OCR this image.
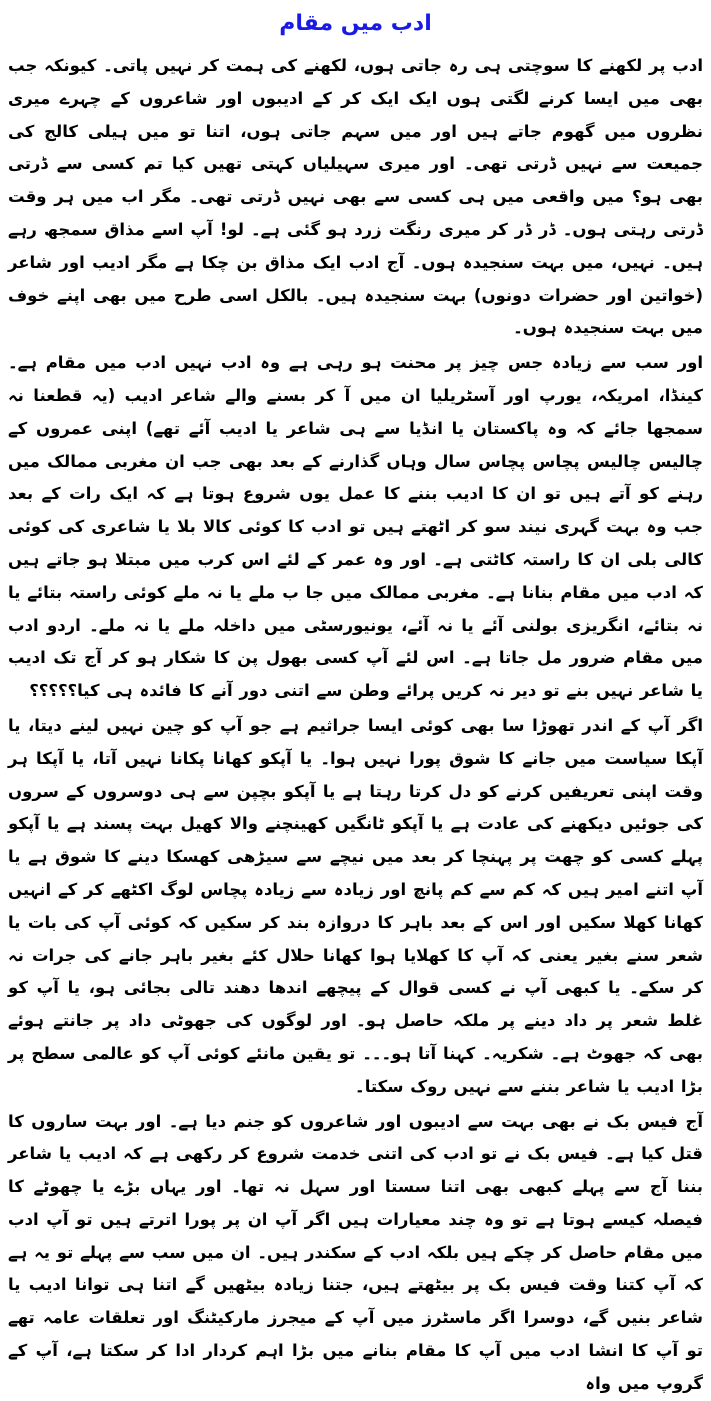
ادب میں مقام

ادب پر لکھنے کا سوچتی ہی رہ جاتی ہوں، لکھنے کی ہمت کر نہیں پاتی۔ کیونکہ جب بھی میں ایسا کرنے لگتی ہوں ایک ایک کر کے ادیبوں اور شاعروں کے چہرے میری نظروں میں گھوم جاتے ہیں اور میں سہم جاتی ہوں، اتنا تو میں ہیلی کالج کی جمیعت سے نہیں ڈرتی تھی۔ اور میری سہیلیاں کہتی تھیں کیا تم کسی سے ڈرتی بھی ہو؟ میں واقعی میں ہی کسی سے بھی نہیں ڈرتی تھی۔ مگر اب میں ہر وقت ڈرتی رہتی ہوں۔ ڈر ڈر کر میری رنگت زرد ہو گئی ہے۔ لو! آپ اسے مذاق سمجھ رہے ہیں۔ نہیں، میں بہت سنجیدہ ہوں۔ آج ادب ایک مذاق بن چکا ہے مگر ادیب اور شاعر (خواتین اور حضرات دونوں) بہت سنجیدہ ہیں۔ بالکل اسی طرح میں بھی اپنے خوف میں بہت سنجیدہ ہوں۔

اور سب سے زیادہ جس چیز پر محنت ہو رہی ہے وہ ادب نہیں ادب میں مقام ہے۔ کینڈا، امریکہ، یورپ اور آسٹریلیا ان میں آ کر بسنے والے شاعر ادیب (یہ قطعنا نہ سمجھا جائے کہ وہ پاکستان یا انڈیا سے ہی شاعر یا ادیب آئے تھے) اپنی عمروں کے چالیس چالیس پچاس پچاس سال وہاں گذارنے کے بعد بھی جب ان مغربی ممالک میں رہنے کو آتے ہیں تو ان کا ادیب بننے کا عمل یوں شروع ہوتا ہے کہ ایک رات کے بعد جب وہ بہت گہری نیند سو کر اٹھتے ہیں تو ادب کا کوئی کالا بلا یا شاعری کی کوئی کالی بلی ان کا راستہ کاٹتی ہے۔ اور وہ عمر کے لئے اس کرب میں مبتلا ہو جاتے ہیں کہ ادب میں مقام بنانا ہے۔ مغربی ممالک میں جا ب ملے یا نہ ملے کوئی راستہ بتائے یا نہ بتائے، انگریزی بولنی آئے یا نہ آئے، یونیورسٹی میں داخلہ ملے یا نہ ملے۔ اردو ادب میں مقام ضرور مل جاتا ہے۔ اس لئے آپ کسی بھول پن کا شکار ہو کر آج تک ادیب یا شاعر نہیں بنے تو دیر نہ کریں پرائے وطن سے اتنی دور آنے کا فائدہ ہی کیا؟؟؟؟؟

اگر آپ کے اندر تھوڑا سا بھی کوئی ایسا جراثیم ہے جو آپ کو چین نہیں لینے دیتا، یا آپکا سیاست میں جانے کا شوق پورا نہیں ہوا۔ یا آپکو کھانا پکانا نہیں آتا، یا آپکا ہر وقت اپنی تعریفیں کرنے کو دل کرتا رہتا ہے یا آپکو بچپن سے ہی دوسروں کے سروں کی جوئیں دیکھنے کی عادت ہے یا آپکو ٹانگیں کھینچنے والا کھیل بہت پسند ہے یا آپکو پہلے کسی کو چھت پر پہنچا کر بعد میں نیچے سے سیڑھی کھسکا دینے کا شوق ہے یا آپ اتنے امیر ہیں کہ کم سے کم پانچ اور زیادہ سے زیادہ پچاس لوگ اکٹھے کر کے انہیں کھانا کھلا سکیں اور اس کے بعد باہر کا دروازہ بند کر سکیں کہ کوئی آپ کی بات یا شعر سنے بغیر یعنی کہ آپ کا کھلایا ہوا کھانا حلال کئے بغیر باہر جانے کی جرات نہ کر سکے۔ یا کبھی آپ نے کسی قوال کے پیچھے اندھا دھند تالی بجائی ہو، یا آپ کو غلط شعر پر داد دینے پر ملکہ حاصل ہو۔ اور لوگوں کی جھوٹی داد پر جانتے ہوئے بھی کہ جھوٹ ہے۔ شکریہ۔ کہنا آتا ہو۔۔۔ تو یقین مانئے کوئی آپ کو عالمی سطح پر بڑا ادیب یا شاعر بننے سے نہیں روک سکتا۔

آج فیس بک نے بھی بہت سے ادیبوں اور شاعروں کو جنم دیا ہے۔ اور بہت ساروں کا قتل کیا ہے۔ فیس بک نے تو ادب کی اتنی خدمت شروع کر رکھی ہے کہ ادیب یا شاعر بننا آج سے پہلے کبھی بھی اتنا سستا اور سہل نہ تھا۔ اور یہاں بڑے یا چھوٹے کا فیصلہ کیسے ہوتا ہے تو وہ چند معیارات ہیں اگر آپ ان پر پورا اترتے ہیں تو آپ ادب میں مقام حاصل کر چکے ہیں بلکہ ادب کے سکندر ہیں۔ ان میں سب سے پہلے تو یہ ہے کہ آپ کتنا وقت فیس بک پر بیٹھتے ہیں، جتنا زیادہ بیٹھیں گے اتنا ہی توانا ادیب یا شاعر بنیں گے، دوسرا اگر ماسٹرز میں آپ کے میجرز مارکیٹنگ اور تعلقات عامہ تھے تو آپ کا انشا ادب میں آپ کا مقام بنانے میں بڑا اہم کردار ادا کر سکتا ہے، آپ کے گروپ میں واہ
